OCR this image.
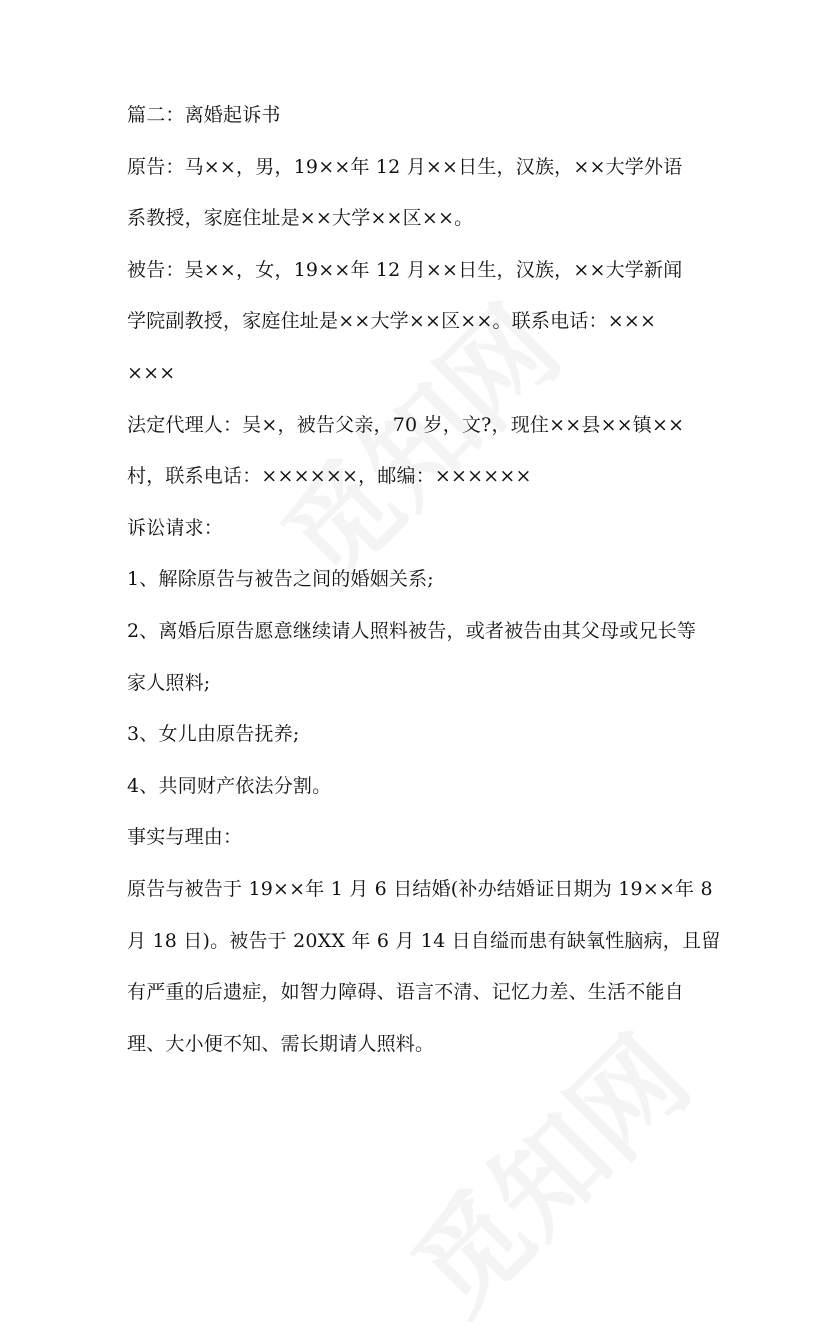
篇二：离婚起诉书
原告：马××，男，19××年 12 月××日生，汉族，××大学外语
系教授，家庭住址是××大学××区××。
被告：吴××，女，19××年 12 月××日生，汉族，××大学新闻
学院副教授，家庭住址是××大学××区××。联系电话：×××
×××
法定代理人：吴×，被告父亲，70 岁，文?，现住××县××镇××
村，联系电话：××××××，邮编：××××××
诉讼请求：
1、解除原告与被告之间的婚姻关系;
2、离婚后原告愿意继续请人照料被告，或者被告由其父母或兄长等
家人照料;
3、女儿由原告抚养;
4、共同财产依法分割。
事实与理由：
原告与被告于 19××年 1 月 6 日结婚(补办结婚证日期为 19××年 8
月 18 日)。被告于 20XX 年 6 月 14 日自缢而患有缺氧性脑病，且留
有严重的后遗症，如智力障碍、语言不清、记忆力差、生活不能自
理、大小便不知、需长期请人照料。
